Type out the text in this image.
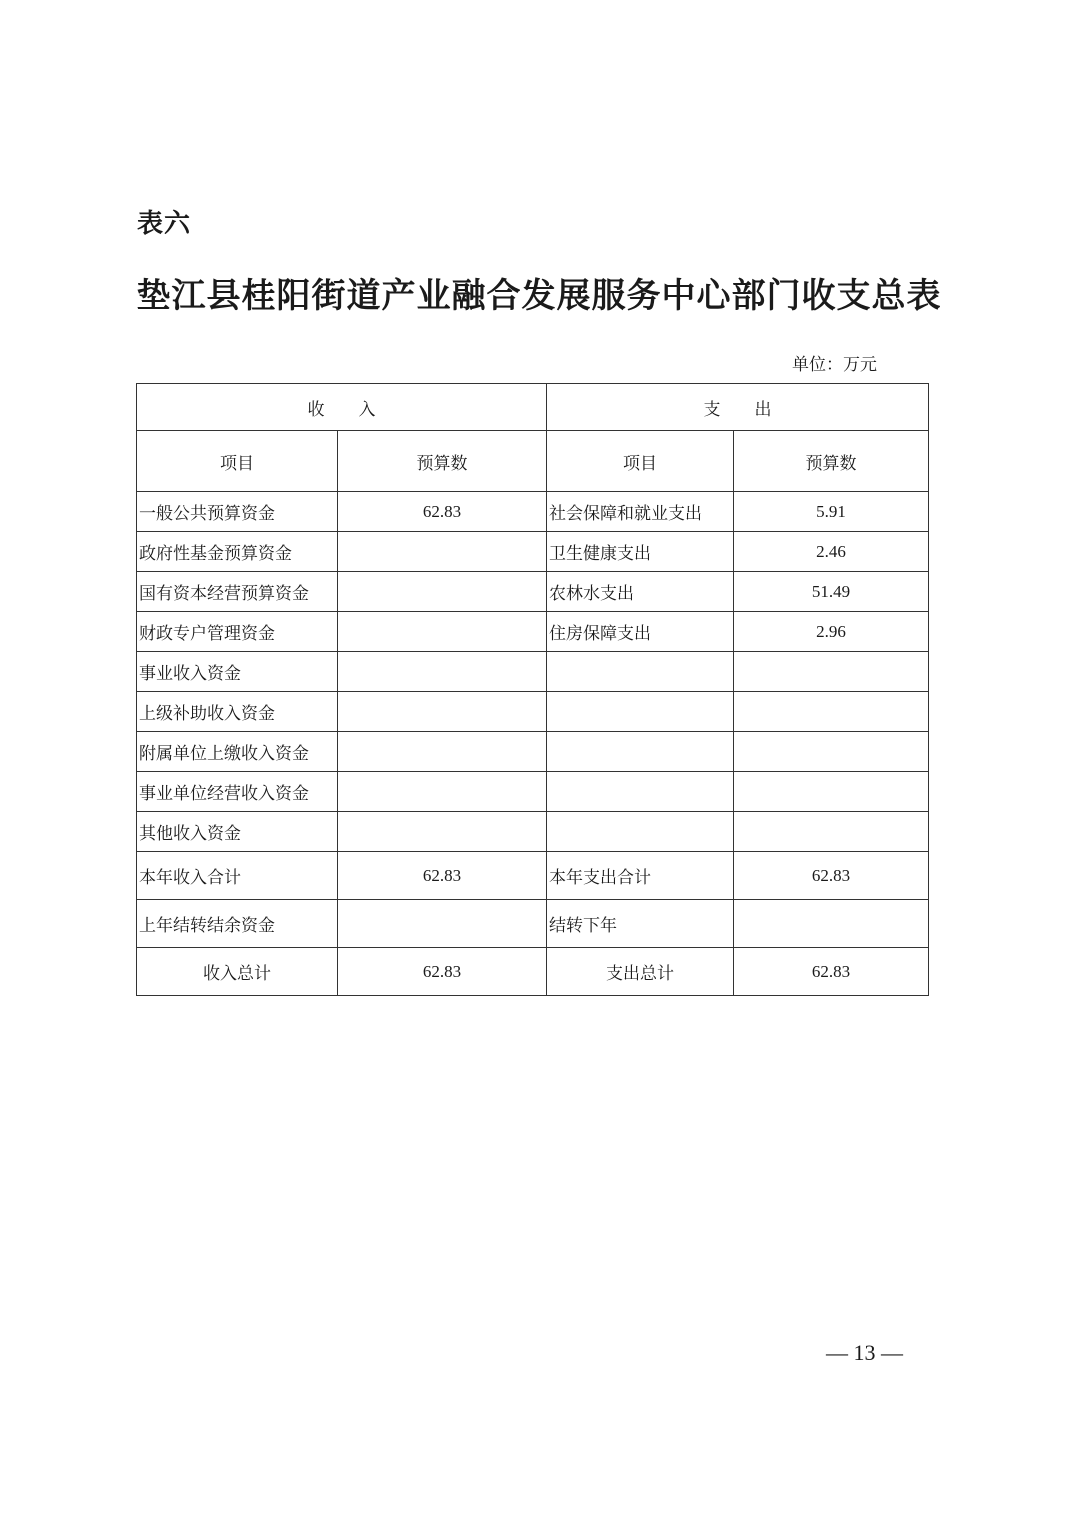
表六
垫江县桂阳街道产业融合发展服务中心部门收支总表
单位：万元
收　　入		支　　出	
项目	预算数	项目	预算数
一般公共预算资金	62.83	社会保障和就业支出	5.91
政府性基金预算资金		卫生健康支出	2.46
国有资本经营预算资金		农林水支出	51.49
财政专户管理资金		住房保障支出	2.96
事业收入资金			
上级补助收入资金			
附属单位上缴收入资金			
事业单位经营收入资金			
其他收入资金			
本年收入合计	62.83	本年支出合计	62.83
上年结转结余资金		结转下年	
收入总计	62.83	支出总计	62.83
— 13 —
